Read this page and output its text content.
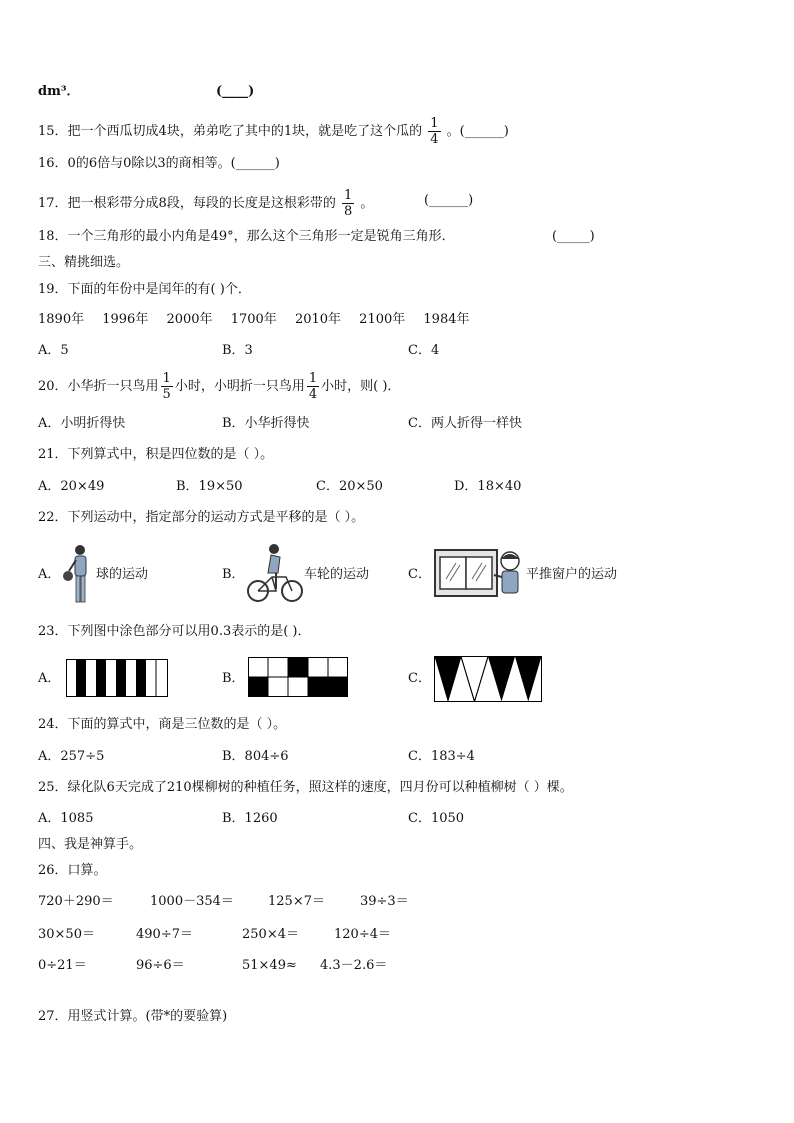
dm³．	(____)
15．把一个西瓜切成4块，弟弟吃了其中的1块，就是吃了这个瓜的 $\frac{1}{4}$ 。(______)
16．0的6倍与0除以3的商相等。(______)
17．把一根彩带分成8段，每段的长度是这根彩带的 $\frac{1}{8}$ 。	(______)
18．一个三角形的最小内角是49°，那么这个三角形一定是锐角三角形．	(_____)
三、精挑细选。
19．下面的年份中是闰年的有( )个．
1890年 1996年 2000年 1700年 2010年 2100年 1984年
A．5	B．3	C．4
20．小华折一只鸟用 $\frac{1}{5}$ 小时，小明折一只鸟用 $\frac{1}{4}$ 小时，则( )．
A．小明折得快	B．小华折得快	C．两人折得一样快
21．下列算式中，积是四位数的是（ ）。
A．20×49	B．19×50	C．20×50	D．18×40
22．下列运动中，指定部分的运动方式是平移的是（ ）。
A．	球的运动	B．	车轮的运动	C．	平推窗户的运动
23．下列图中涂色部分可以用0.3表示的是( )．
A．	B．	C．
24．下面的算式中，商是三位数的是（ ）。
A．257÷5	B．804÷6	C．183÷4
25．绿化队6天完成了210棵柳树的种植任务，照这样的速度，四月份可以种植柳树（ ）棵。
A．1085	B．1260	C．1050
四、我是神算手。
26．口算。
720＋290＝	1000－354＝	125×7＝	39÷3＝
30×50＝	490÷7＝	250×4＝	120÷4＝
0÷21＝	96÷6＝	51×49≈ 4.3－2.6＝
27．用竖式计算。(带*的要验算)
